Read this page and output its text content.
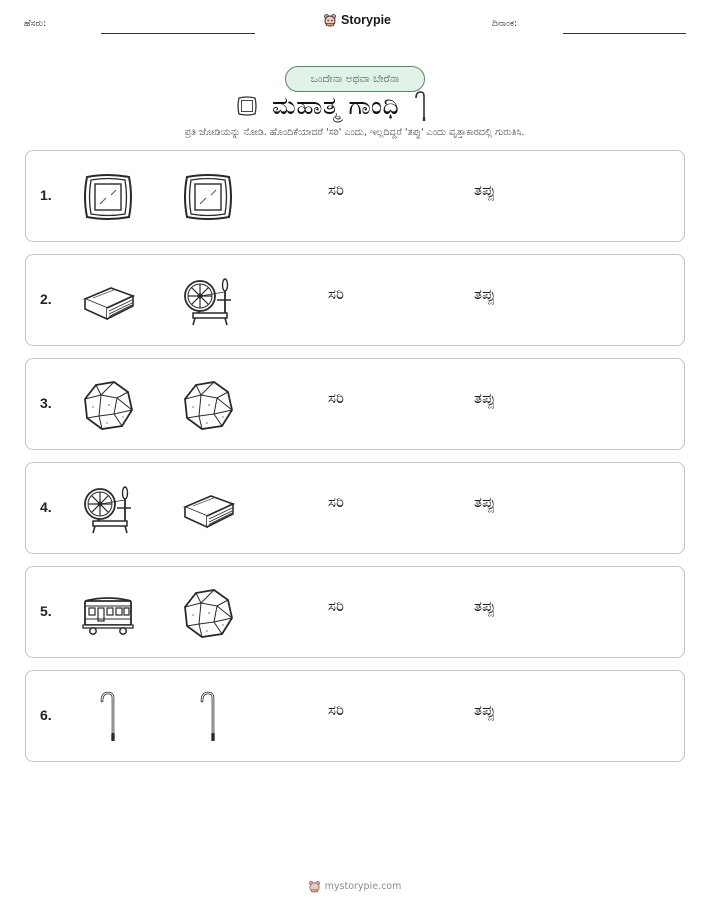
ಹೆಸರು:	Storypie	ದಿನಾಂಕ:
ಒಂದೇನಾ ಅಥವಾ ಬೇರೆನಾ
ಮಹಾತ್ಮ ಗಾಂಧಿ
ಪ್ರತಿ ಜೋಡಿಯನ್ನು ನೋಡಿ. ಹೊಂದಿಕೆಯಾದರೆ 'ಸರಿ' ಎಂದು, ಇಲ್ಲದಿದ್ದರೆ 'ತಪ್ಪು' ಎಂದು ವೃತ್ತಾಕಾರದಲ್ಲಿ ಗುರುತಿಸಿ.
1.	ಸರಿ	ತಪ್ಪು
2.	ಸರಿ	ತಪ್ಪು
3.	ಸರಿ	ತಪ್ಪು
4.	ಸರಿ	ತಪ್ಪು
5.	ಸರಿ	ತಪ್ಪು
6.	ಸರಿ	ತಪ್ಪು
mystorypie.com
